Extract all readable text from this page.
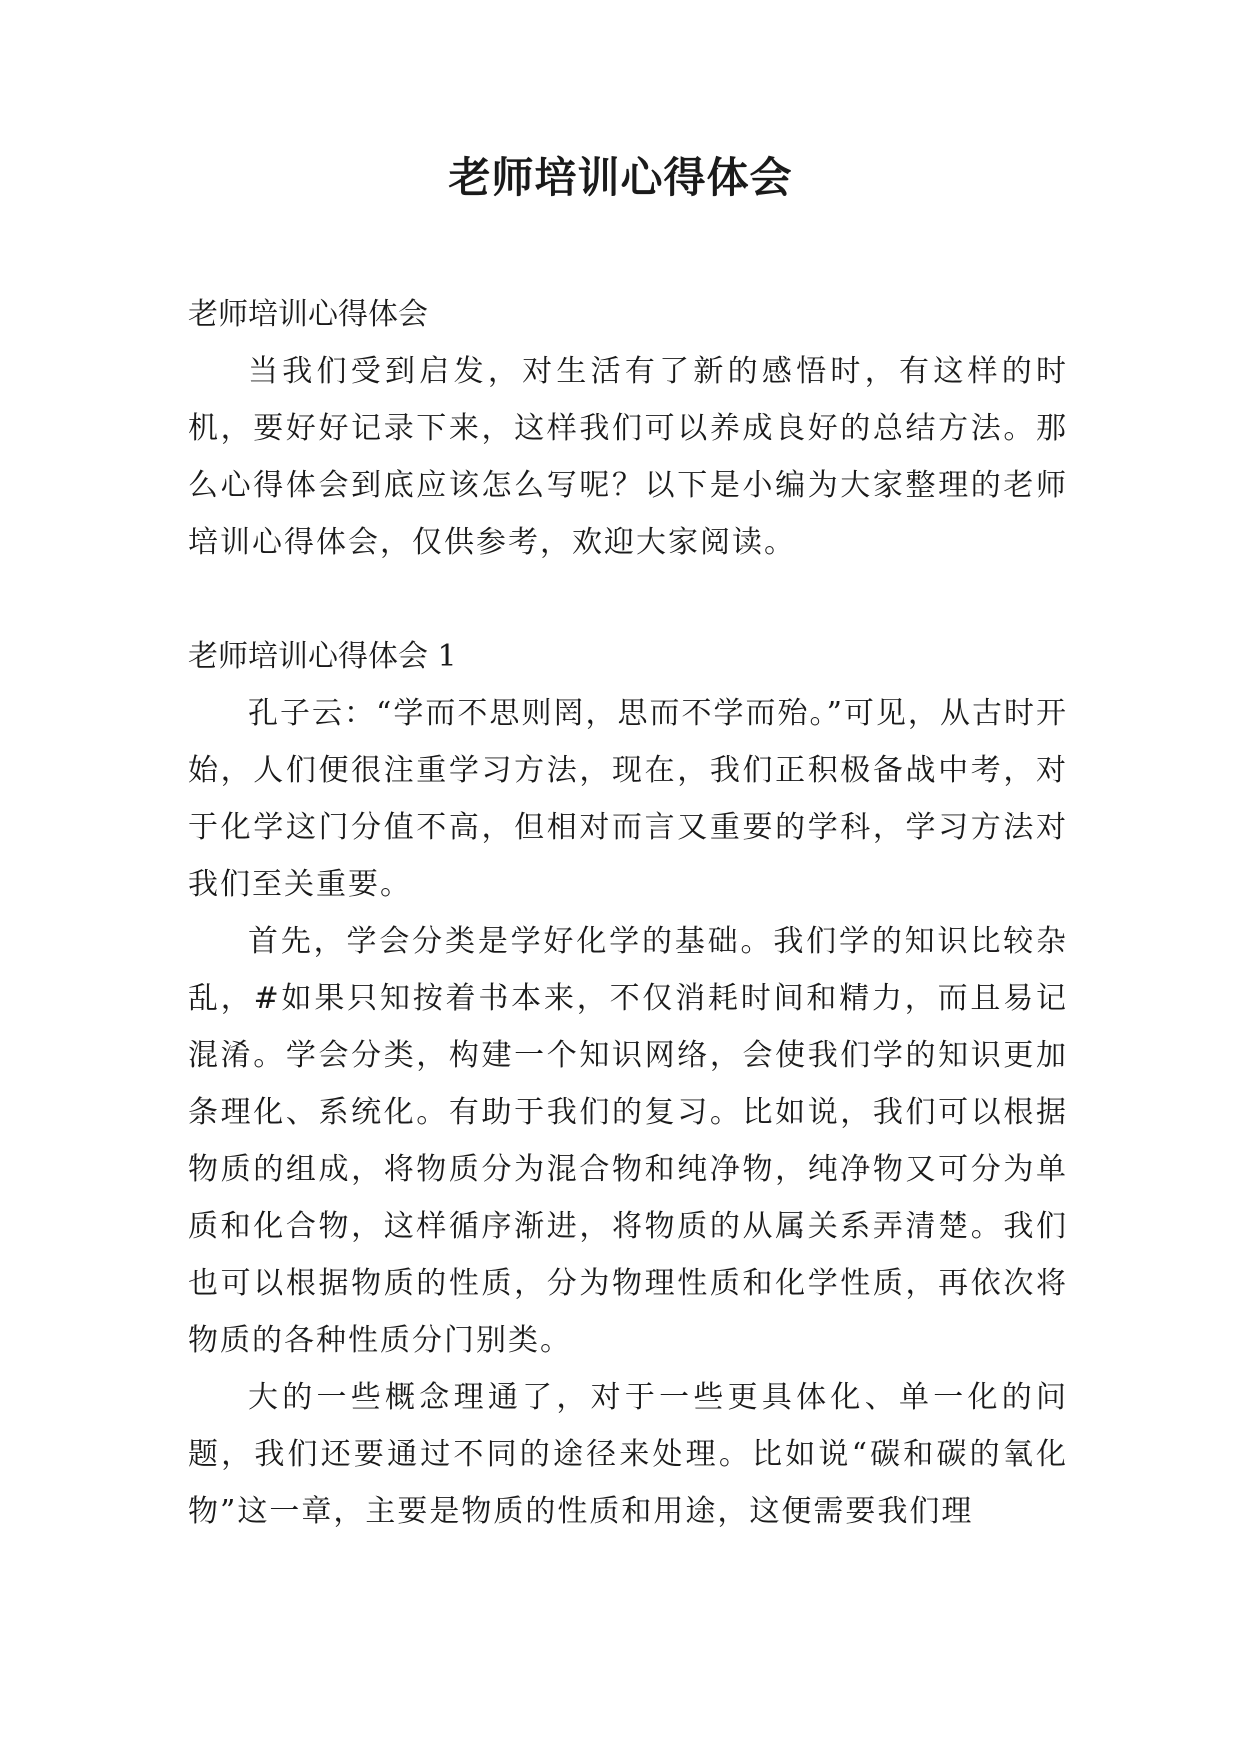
老师培训心得体会

老师培训心得体会

当我们受到启发，对生活有了新的感悟时，有这样的时机，要好好记录下来，这样我们可以养成良好的总结方法。那么心得体会到底应该怎么写呢？以下是小编为大家整理的老师培训心得体会，仅供参考，欢迎大家阅读。

老师培训心得体会 1

孔子云：“学而不思则罔，思而不学而殆。”可见，从古时开始，人们便很注重学习方法，现在，我们正积极备战中考，对于化学这门分值不高，但相对而言又重要的学科，学习方法对我们至关重要。

首先，学会分类是学好化学的基础。我们学的知识比较杂乱，#如果只知按着书本来，不仅消耗时间和精力，而且易记混淆。学会分类，构建一个知识网络，会使我们学的知识更加条理化、系统化。有助于我们的复习。比如说，我们可以根据物质的组成，将物质分为混合物和纯净物，纯净物又可分为单质和化合物，这样循序渐进，将物质的从属关系弄清楚。我们也可以根据物质的性质，分为物理性质和化学性质，再依次将物质的各种性质分门别类。

大的一些概念理通了，对于一些更具体化、单一化的问题，我们还要通过不同的途径来处理。比如说“碳和碳的氧化物”这一章，主要是物质的性质和用途，这便需要我们理
